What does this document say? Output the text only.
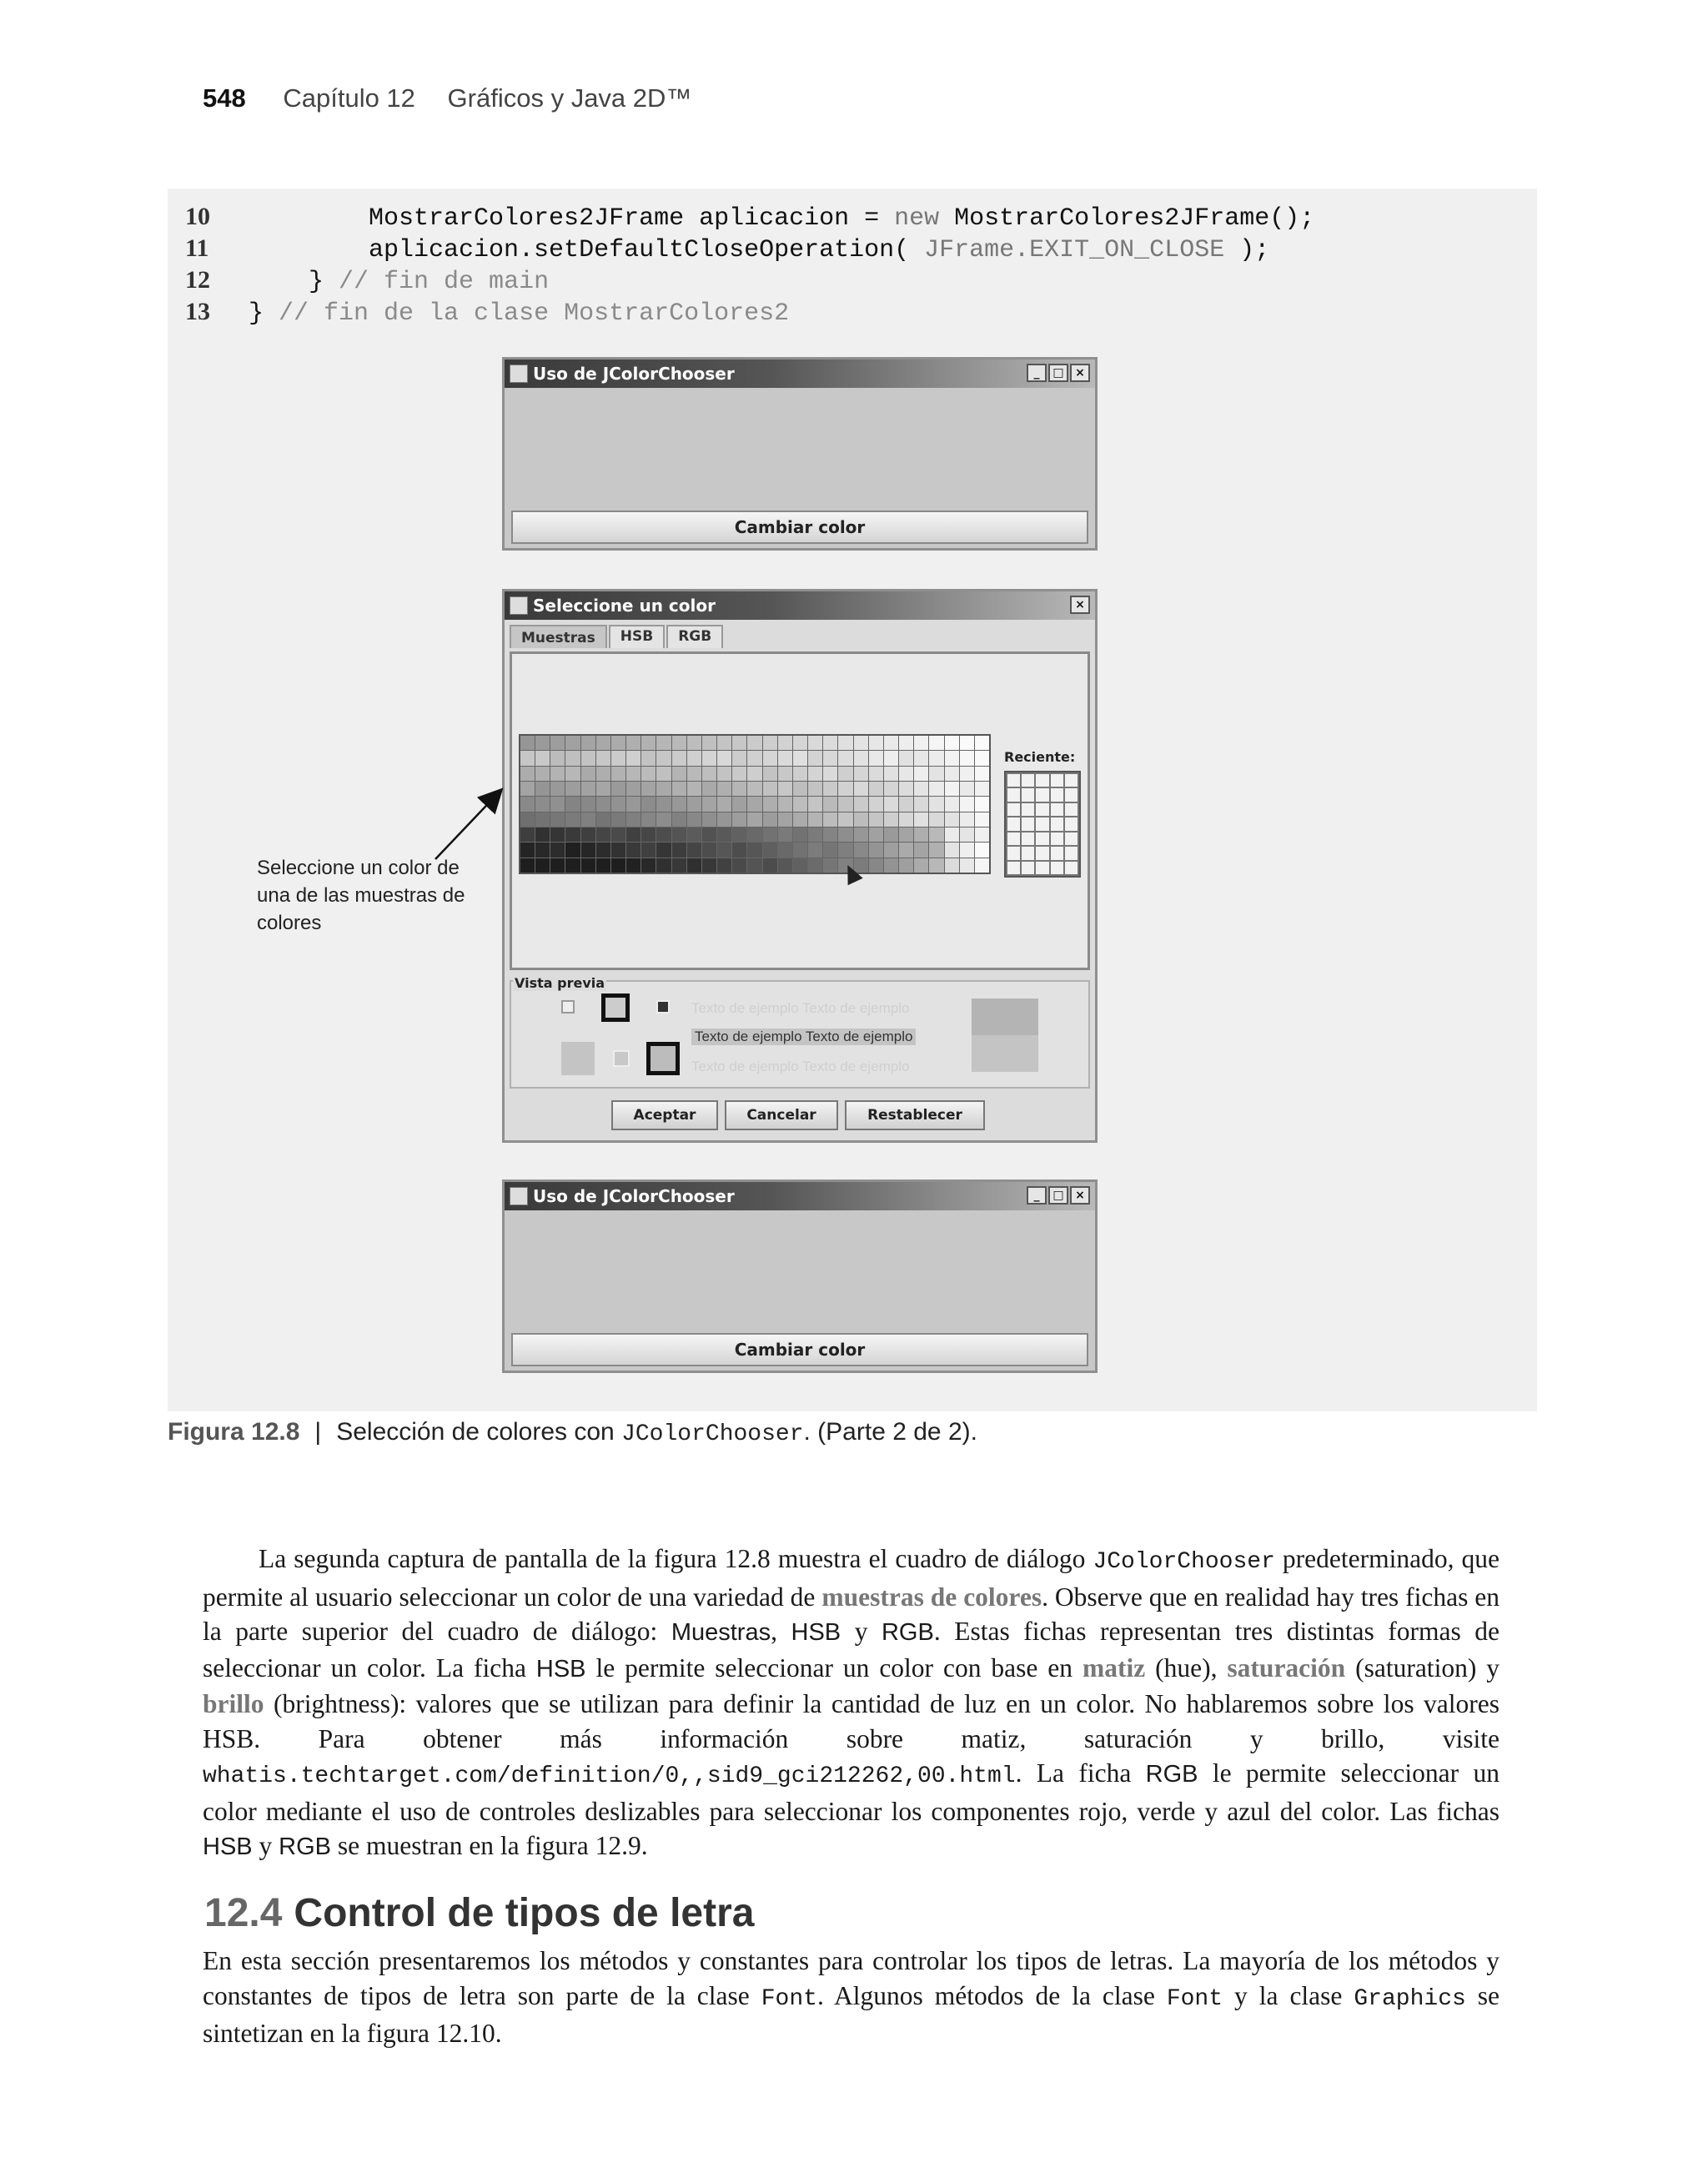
548 Capítulo 12 Gráficos y Java 2D™
10        MostrarColores2JFrame aplicacion = new MostrarColores2JFrame();
11        aplicacion.setDefaultCloseOperation( JFrame.EXIT_ON_CLOSE );
12    } // fin de main
13 } // fin de la clase MostrarColores2
Uso de JColorChooser	_	□ ×
Cambiar color
Seleccione un color	×
Muestras	HSB	RGB
Reciente:
Texto de ejemplo Texto de ejemplo
Texto de ejemplo Texto de ejemplo
Texto de ejemplo Texto de ejemplo
Vista previa
Aceptar	Cancelar	Restablecer
Uso de JColorChooser	_	□ ×
Cambiar color
Seleccione un color de una de las muestras de colores
Figura 12.8 | Selección de colores con JColorChooser. (Parte 2 de 2).
La segunda captura de pantalla de la figura 12.8 muestra el cuadro de diálogo JColorChooser predeterminado, que permite al usuario seleccionar un color de una variedad de muestras de colores. Observe que en realidad hay tres fichas en la parte superior del cuadro de diálogo: Muestras, HSB y RGB. Estas fichas representan tres distintas formas de seleccionar un color. La ficha HSB le permite seleccionar un color con base en matiz (hue), saturación (saturation) y brillo (brightness): valores que se utilizan para definir la cantidad de luz en un color. No hablaremos sobre los valores HSB. Para obtener más información sobre matiz, saturación y brillo, visite whatis.techtarget.com/definition/0,,sid9_gci212262,00.html. La ficha RGB le permite seleccionar un color mediante el uso de controles deslizables para seleccionar los componentes rojo, verde y azul del color. Las fichas HSB y RGB se muestran en la figura 12.9.
12.4 Control de tipos de letra
En esta sección presentaremos los métodos y constantes para controlar los tipos de letras. La mayoría de los métodos y constantes de tipos de letra son parte de la clase Font. Algunos métodos de la clase Font y la clase Graphics se sintetizan en la figura 12.10.
